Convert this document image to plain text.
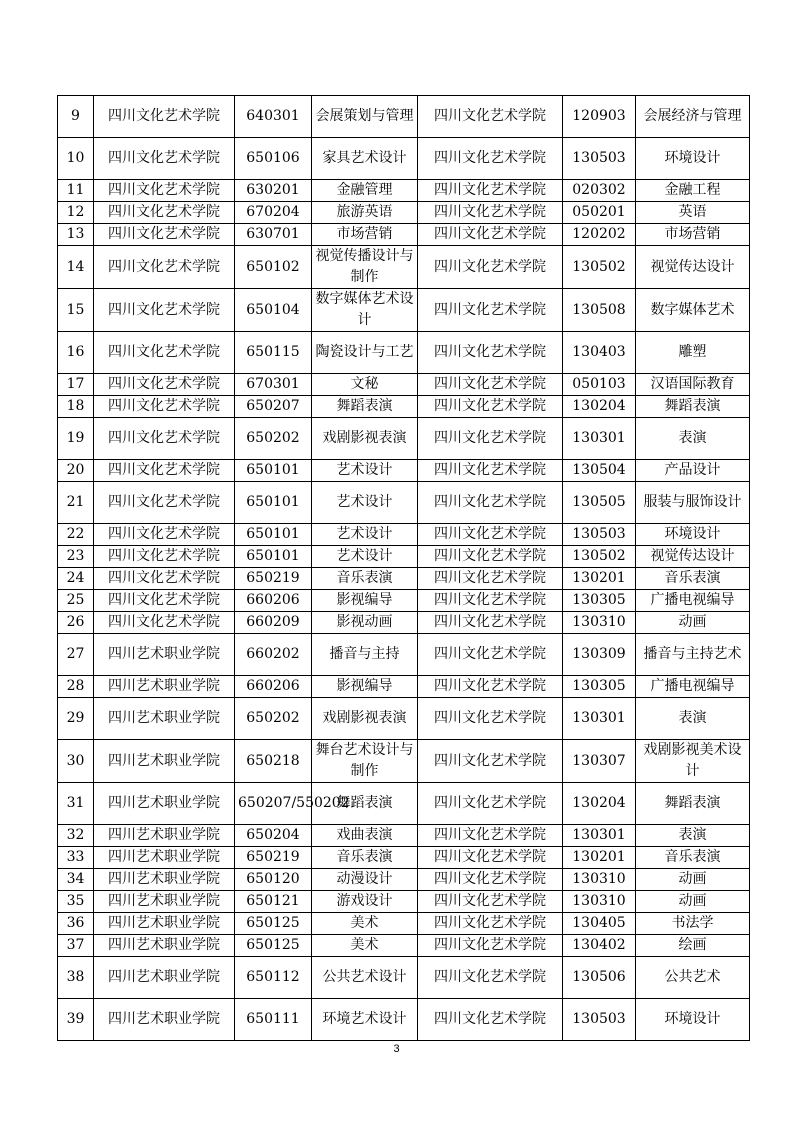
9	四川文化艺术学院	640301	会展策划与管理	四川文化艺术学院	120903	会展经济与管理
10	四川文化艺术学院	650106	家具艺术设计	四川文化艺术学院	130503	环境设计
11	四川文化艺术学院	630201	金融管理	四川文化艺术学院	020302	金融工程
12	四川文化艺术学院	670204	旅游英语	四川文化艺术学院	050201	英语
13	四川文化艺术学院	630701	市场营销	四川文化艺术学院	120202	市场营销
14	四川文化艺术学院	650102	视觉传播设计与制作	四川文化艺术学院	130502	视觉传达设计
15	四川文化艺术学院	650104	数字媒体艺术设计	四川文化艺术学院	130508	数字媒体艺术
16	四川文化艺术学院	650115	陶瓷设计与工艺	四川文化艺术学院	130403	雕塑
17	四川文化艺术学院	670301	文秘	四川文化艺术学院	050103	汉语国际教育
18	四川文化艺术学院	650207	舞蹈表演	四川文化艺术学院	130204	舞蹈表演
19	四川文化艺术学院	650202	戏剧影视表演	四川文化艺术学院	130301	表演
20	四川文化艺术学院	650101	艺术设计	四川文化艺术学院	130504	产品设计
21	四川文化艺术学院	650101	艺术设计	四川文化艺术学院	130505	服装与服饰设计
22	四川文化艺术学院	650101	艺术设计	四川文化艺术学院	130503	环境设计
23	四川文化艺术学院	650101	艺术设计	四川文化艺术学院	130502	视觉传达设计
24	四川文化艺术学院	650219	音乐表演	四川文化艺术学院	130201	音乐表演
25	四川文化艺术学院	660206	影视编导	四川文化艺术学院	130305	广播电视编导
26	四川文化艺术学院	660209	影视动画	四川文化艺术学院	130310	动画
27	四川艺术职业学院	660202	播音与主持	四川文化艺术学院	130309	播音与主持艺术
28	四川艺术职业学院	660206	影视编导	四川文化艺术学院	130305	广播电视编导
29	四川艺术职业学院	650202	戏剧影视表演	四川文化艺术学院	130301	表演
30	四川艺术职业学院	650218	舞台艺术设计与制作	四川文化艺术学院	130307	戏剧影视美术设计
31	四川艺术职业学院	650207/550202	舞蹈表演	四川文化艺术学院	130204	舞蹈表演
32	四川艺术职业学院	650204	戏曲表演	四川文化艺术学院	130301	表演
33	四川艺术职业学院	650219	音乐表演	四川文化艺术学院	130201	音乐表演
34	四川艺术职业学院	650120	动漫设计	四川文化艺术学院	130310	动画
35	四川艺术职业学院	650121	游戏设计	四川文化艺术学院	130310	动画
36	四川艺术职业学院	650125	美术	四川文化艺术学院	130405	书法学
37	四川艺术职业学院	650125	美术	四川文化艺术学院	130402	绘画
38	四川艺术职业学院	650112	公共艺术设计	四川文化艺术学院	130506	公共艺术
39	四川艺术职业学院	650111	环境艺术设计	四川文化艺术学院	130503	环境设计
3
